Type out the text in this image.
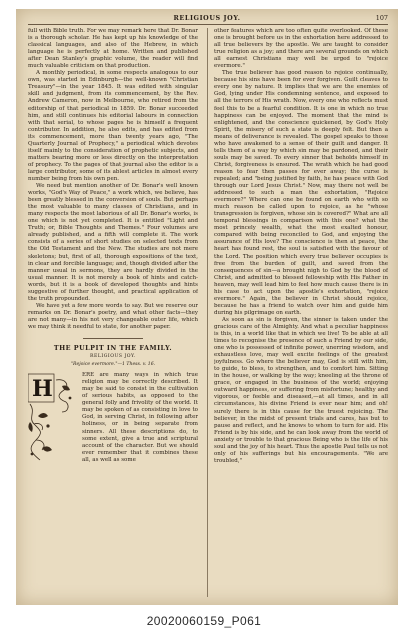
RELIGIOUS JOY.	107

full with Bible truth. For we may remark here that Dr. Bonar is a thorough scholar. He has kept up his knowledge of the classical languages, and also of the Hebrew, in which language he is perfectly at home. Written and published after Dean Stanley's graphic volume, the reader will find much valuable criticism on that production.

A monthly periodical, in some respects analogous to our own, was started in Edinburgh—the well-known "Christian Treasury"—in the year 1845. It was edited with singular skill and judgment, from its commencement, by the Rev. Andrew Cameron, now in Melbourne, who retired from the editorship of that periodical in 1859. Dr. Bonar succeeded him, and still continues his editorial labours in connection with that serial, to whose pages he is himself a frequent contributor. In addition, he also edits, and has edited from its commencement, more than twenty years ago, "The Quarterly Journal of Prophecy," a periodical which devotes itself mainly to the consideration of prophetic subjects, and matters bearing more or less directly on the interpretation of prophecy. To the pages of that journal also the editor is a large contributor, some of its ablest articles in almost every number being from his own pen.

We need but mention another of Dr. Bonar's well known works, "God's Way of Peace," a work which, we believe, has been greatly blessed in the conversion of souls. But perhaps the most valuable to many classes of Christians, and in many respects the most laborious of all Dr. Bonar's works, is one which is not yet completed. It is entitled "Light and Truth; or, Bible Thoughts and Themes." Four volumes are already published, and a fifth will complete it. The work consists of a series of short studies on selected texts from the Old Testament and the New. The studies are not mere skeletons; but, first of all, thorough expositions of the text, in clear and forcible language; and, though divided after the manner usual in sermons, they are hardly divided in the usual manner. It is not merely a book of hints and catch-words, but it is a book of developed thoughts and hints suggestive of further thought, and practical application of the truth propounded.

We have yet a few more words to say. But we reserve our remarks on Dr. Bonar's poetry, and what other facts—they are not many—in his not very changeable outer life, which we may think it needful to state, for another paper.

THE PULPIT IN THE FAMILY.
RELIGIOUS JOY.
"Rejoice evermore."—1 Thess. v. 16.
H

ERE are many ways in which true religion may be correctly described. It may be said to consist in the cultivation of serious habits, as opposed to the general folly and frivolity of the world. It may be spoken of as consisting in love to God, in serving Christ, in following after holiness, or in being separate from sinners. All these descriptions do, to some extent, give a true and scriptural account of the character. But we should ever remember that it combines these all, as well as some

other features which are too often quite overlooked. Of these one is brought before us in the exhortation here addressed to all true believers by the apostle. We are taught to consider true religion as a joy; and there are several grounds on which all earnest Christians may well be urged to "rejoice evermore."

The true believer has good reason to rejoice continually, because his sins have been for ever forgiven. Guilt cleaves to every one by nature. It implies that we are the enemies of God, lying under His condemning sentence, and exposed to all the terrors of His wrath. Now, every one who reflects must feel this to be a fearful condition. It is one in which no true happiness can be enjoyed. The moment that the mind is enlightened, and the conscience quickened, by God's Holy Spirit, the misery of such a state is deeply felt. But then a means of deliverance is revealed. The gospel speaks to those who have awakened to a sense of their guilt and danger. It tells them of a way by which sin may be pardoned, and their souls may be saved. To every sinner that beholds himself in Christ, forgiveness is ensured. The wrath which he had good reason to fear then passes for ever away; the curse is repealed; and "being justified by faith, he has peace with God through our Lord Jesus Christ." Now, may there not well be addressed to such a man the exhortation, "Rejoice evermore?" Where can one be found on earth who with so much reason be called upon to rejoice, as he "whose transgression is forgiven, whose sin is covered?" What are all temporal blessings in comparison with this one? what the most princely wealth, what the most exalted honour, compared with being reconciled to God, and enjoying the assurance of His love? The conscience is then at peace, the heart has found rest, the soul is satisfied with the favour of the Lord. The position which every true believer occupies is free from the burden of guilt, and saved from the consequences of sin—a brought nigh to God by the blood of Christ, and admitted to blessed fellowship with His Father in heaven, may well lead him to feel how much cause there is in his case to act upon the apostle's exhortation, "rejoice evermore." Again, the believer in Christ should rejoice, because he has a friend to watch over him and guide him during his pilgrimage on earth.

As soon as sin is forgiven, the sinner is taken under the gracious care of the Almighty. And what a peculiar happiness is this, in a world like that in which we live! To be able at all times to recognise the presence of such a Friend by our side, one who is possessed of infinite power, unerring wisdom, and exhaustless love, may well excite feelings of the greatest joyfulness. Go where the believer may, God is still with him, to guide, to bless, to strengthen, and to comfort him. Sitting in the house, or walking by the way; kneeling at the throne of grace, or engaged in the business of the world; enjoying outward happiness, or suffering from misfortune; healthy and vigorous, or feeble and diseased,—at all times, and in all circumstances, his divine Friend is ever near him; and oh! surely there is in this cause for the truest rejoicing. The believer, in the midst of present trials and cares, has but to pause and reflect, and he knows to whom to turn for aid. His Friend is by his side, and he can look away from the world of anxiety or trouble to that gracious Being who is the life of his soul and the joy of his heart. Thus the apostle Paul tells us not only of his sufferings but his encouragements. "We are troubled,"

20020060159_P061
